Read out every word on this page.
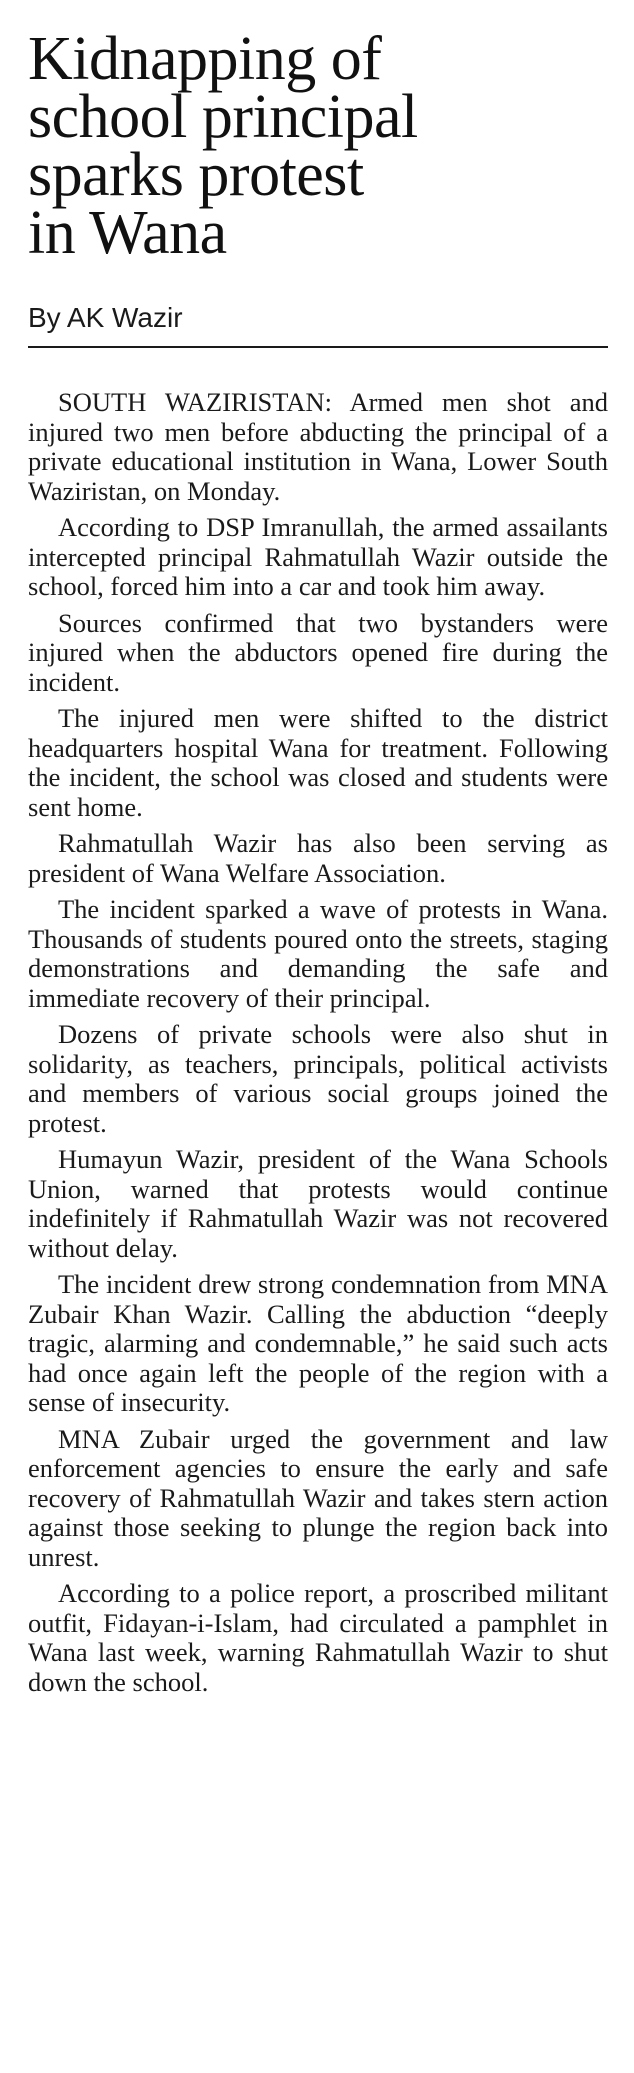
Kidnapping of
school principal
sparks protest
in Wana
By AK Wazir

SOUTH WAZIRISTAN: Armed men shot and injured two men before abducting the principal of a private educational institution in Wana, Lower South Waziristan, on Monday.

According to DSP Imranullah, the armed assailants intercepted principal Rahmatullah Wazir outside the school, forced him into a car and took him away.

Sources confirmed that two bystanders were injured when the abductors opened fire during the incident.

The injured men were shifted to the district headquarters hospital Wana for treatment. Following the incident, the school was closed and students were sent home.

Rahmatullah Wazir has also been serving as president of Wana Welfare Association.

The incident sparked a wave of protests in Wana. Thousands of students poured onto the streets, staging demonstrations and demanding the safe and immediate recovery of their principal.

Dozens of private schools were also shut in solidarity, as teachers, principals, political activists and members of various social groups joined the protest.

Humayun Wazir, president of the Wana Schools Union, warned that protests would continue indefinitely if Rahmatullah Wazir was not recovered without delay.

The incident drew strong condemnation from MNA Zubair Khan Wazir. Calling the abduction “deeply tragic, alarming and condemnable,” he said such acts had once again left the people of the region with a sense of insecurity.

MNA Zubair urged the government and law enforcement agencies to ensure the early and safe recovery of Rahmatullah Wazir and takes stern action against those seeking to plunge the region back into unrest.

According to a police report, a proscribed militant outfit, Fidayan-i-Islam, had circulated a pamphlet in Wana last week, warning Rahmatullah Wazir to shut down the school.
